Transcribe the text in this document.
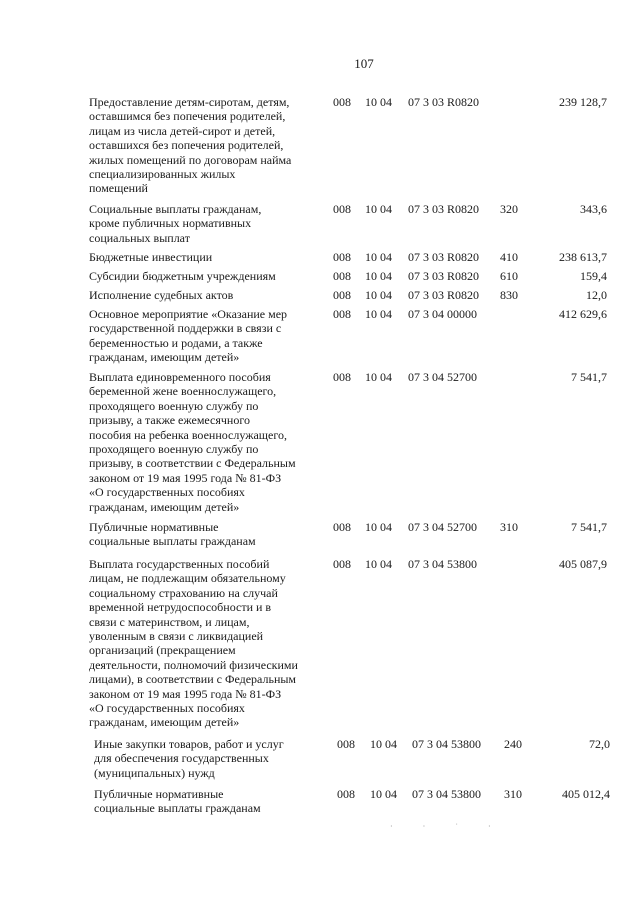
107
Предоставление детям-сиротам, детям,
оставшимся без попечения родителей,
лицам из числа детей-сирот и детей,
оставшихся без попечения родителей,
жилых помещений по договорам найма
специализированных жилых
помещений
008 10 04 07 3 03 R0820	239 128,7
Социальные выплаты гражданам,
кроме публичных нормативных
социальных выплат
008 10 04 07 3 03 R0820 320	343,6
Бюджетные инвестиции	008 10 04 07 3 03 R0820 410	238 613,7
Субсидии бюджетным учреждениям	008 10 04 07 3 03 R0820 610	159,4
Исполнение судебных актов	008 10 04 07 3 03 R0820 830	12,0
Основное мероприятие «Оказание мер
государственной поддержки в связи с
беременностью и родами, а также
гражданам, имеющим детей»
008 10 04 07 3 04 00000	412 629,6
Выплата единовременного пособия
беременной жене военнослужащего,
проходящего военную службу по
призыву, а также ежемесячного
пособия на ребенка военнослужащего,
проходящего военную службу по
призыву, в соответствии с Федеральным
законом от 19 мая 1995 года № 81-ФЗ
«О государственных пособиях
гражданам, имеющим детей»
008 10 04 07 3 04 52700	7 541,7
Публичные нормативные
социальные выплаты гражданам
008 10 04 07 3 04 52700 310	7 541,7
Выплата государственных пособий
лицам, не подлежащим обязательному
социальному страхованию на случай
временной нетрудоспособности и в
связи с материнством, и лицам,
уволенным в связи с ликвидацией
организаций (прекращением
деятельности, полномочий физическими
лицами), в соответствии с Федеральным
законом от 19 мая 1995 года № 81-ФЗ
«О государственных пособиях
гражданам, имеющим детей»
008 10 04 07 3 04 53800	405 087,9
Иные закупки товаров, работ и услуг
для обеспечения государственных
(муниципальных) нужд
008 10 04 07 3 04 53800 240	72,0
Публичные нормативные
социальные выплаты гражданам
008 10 04 07 3 04 53800 310	405 012,4
· · ˙ ·
